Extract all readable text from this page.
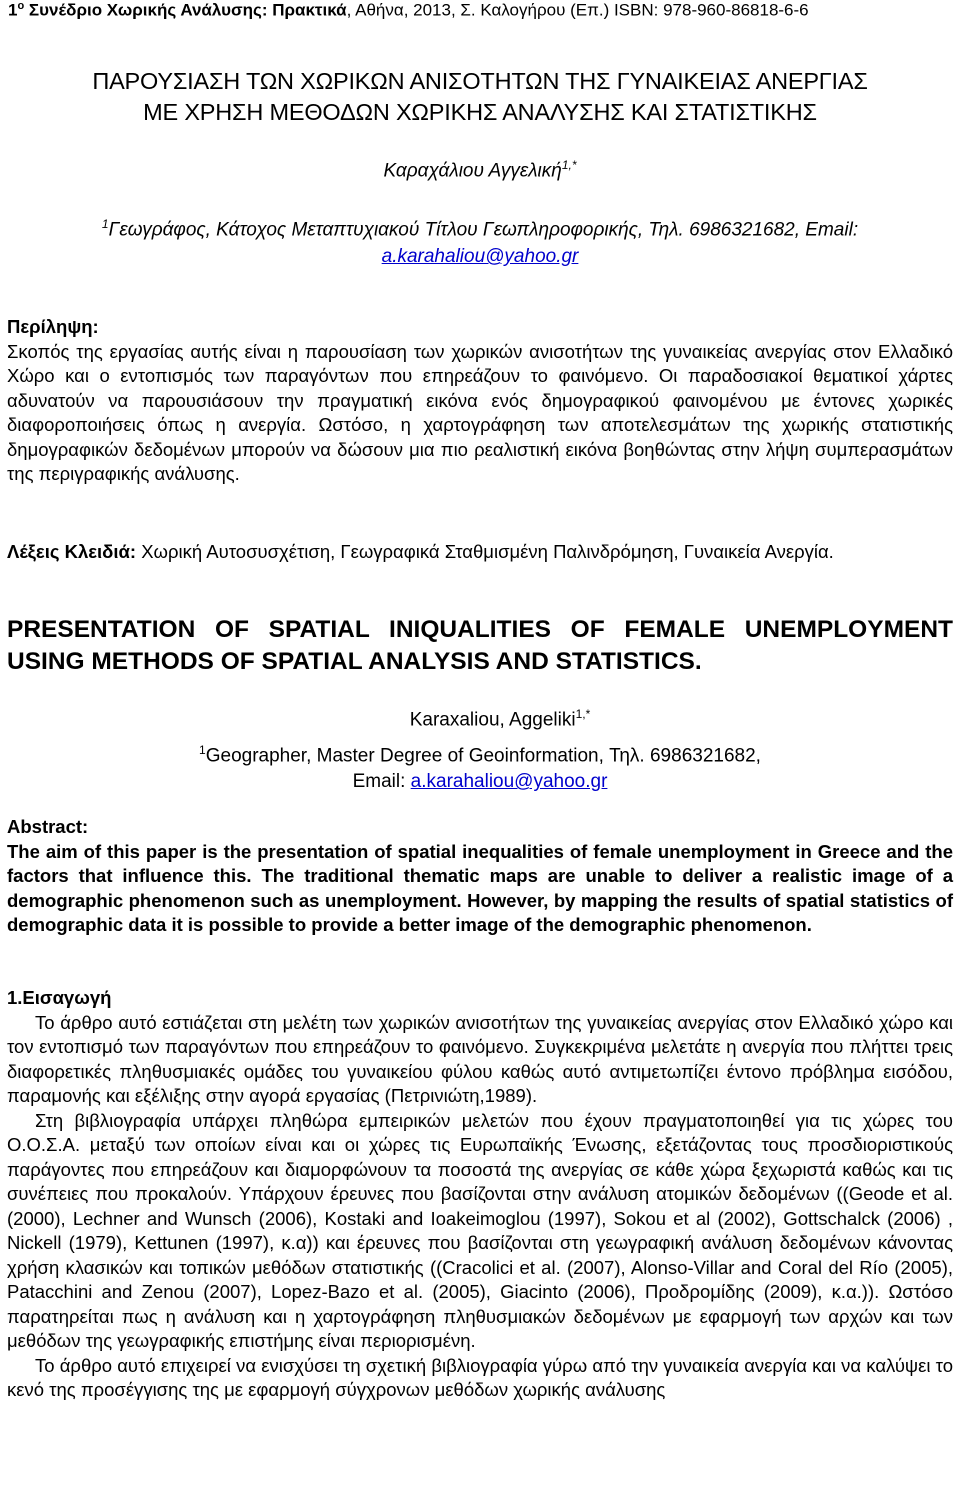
$1^o$ Συνέδριο Χωρικής Ανάλυσης: Πρακτικά, Αθήνα, 2013, Σ. Καλογήρου (Επ.) ISBN: 978-960-86818-6-6
ΠΑΡΟΥΣΙΑΣΗ ΤΩΝ ΧΩΡΙΚΩΝ ΑΝΙΣΟΤΗΤΩΝ ΤΗΣ ΓΥΝΑΙΚΕΙΑΣ ΑΝΕΡΓΙΑΣ
ΜΕ ΧΡΗΣΗ ΜΕΘΟΔΩΝ ΧΩΡΙΚΗΣ ΑΝΑΛΥΣΗΣ ΚΑΙ ΣΤΑΤΙΣΤΙΚΗΣ
Καραχάλιου Αγγελική$^{1,*}$
$^1$Γεωγράφος, Κάτοχος Μεταπτυχιακού Τίτλου Γεωπληροφορικής, Τηλ. 6986321682, Email:
a.karahaliou@yahoo.gr
Περίληψη:
Σκοπός της εργασίας αυτής είναι η παρουσίαση των χωρικών ανισοτήτων της γυναικείας ανεργίας στον Ελλαδικό Χώρο και ο εντοπισμός των παραγόντων που επηρεάζουν το φαινόμενο. Οι παραδοσιακοί θεματικοί χάρτες αδυνατούν να παρουσιάσουν την πραγματική εικόνα ενός δημογραφικού φαινομένου με έντονες χωρικές διαφοροποιήσεις όπως η ανεργία. Ωστόσο, η χαρτογράφηση των αποτελεσμάτων της χωρικής στατιστικής δημογραφικών δεδομένων μπορούν να δώσουν μια πιο ρεαλιστική εικόνα βοηθώντας στην λήψη συμπερασμάτων της περιγραφικής ανάλυσης.
Λέξεις Κλειδιά: Χωρική Αυτοσυσχέτιση, Γεωγραφικά Σταθμισμένη Παλινδρόμηση, Γυναικεία Ανεργία.
PRESENTATION OF SPATIAL INIQUALITIES OF FEMALE UNEMPLOYMENT USING METHODS OF SPATIAL ANALYSIS AND STATISTICS.
Karaxaliou, Aggeliki$^{1,*}$
$^1$Geographer, Master Degree of Geoinformation, Τηλ. 6986321682,
Email: a.karahaliou@yahoo.gr
Abstract:
The aim of this paper is the presentation of spatial inequalities of female unemployment in Greece and the factors that influence this. The traditional thematic maps are unable to deliver a realistic image of a demographic phenomenon such as unemployment. However, by mapping the results of spatial statistics of demographic data it is possible to provide a better image of the demographic phenomenon.
1.Εισαγωγή
Το άρθρο αυτό εστιάζεται στη μελέτη των χωρικών ανισοτήτων της γυναικείας ανεργίας στον Ελλαδικό χώρο και τον εντοπισμό των παραγόντων που επηρεάζουν το φαινόμενο. Συγκεκριμένα μελετάτε η ανεργία που πλήττει τρεις διαφορετικές πληθυσμιακές ομάδες του γυναικείου φύλου καθώς αυτό αντιμετωπίζει έντονο πρόβλημα εισόδου, παραμονής και εξέλιξης στην αγορά εργασίας (Πετρινιώτη,1989).
Στη βιβλιογραφία υπάρχει πληθώρα εμπειρικών μελετών που έχουν πραγματοποιηθεί για τις χώρες του Ο.Ο.Σ.Α. μεταξύ των οποίων είναι και οι χώρες τις Ευρωπαϊκής Ένωσης, εξετάζοντας τους προσδιοριστικούς παράγοντες που επηρεάζουν και διαμορφώνουν τα ποσοστά της ανεργίας σε κάθε χώρα ξεχωριστά καθώς και τις συνέπειες που προκαλούν. Υπάρχουν έρευνες που βασίζονται στην ανάλυση ατομικών δεδομένων ((Geode et al. (2000), Lechner and Wunsch (2006), Kostaki and Ioakeimoglou (1997), Sokou et al (2002), Gottschalck (2006) , Nickell (1979), Kettunen (1997), κ.α)) και έρευνες που βασίζονται στη γεωγραφική ανάλυση δεδομένων κάνοντας χρήση κλασικών και τοπικών μεθόδων στατιστικής ((Cracolici et al. (2007), Alonso-Villar and Coral del Río (2005), Patacchini and Zenou (2007), Lopez-Bazo et al. (2005), Giacinto (2006), Προδρομίδης (2009), κ.α.)). Ωστόσο παρατηρείται πως η ανάλυση και η χαρτογράφηση πληθυσμιακών δεδομένων με εφαρμογή των αρχών και των μεθόδων της γεωγραφικής επιστήμης είναι περιορισμένη.
Το άρθρο αυτό επιχειρεί να ενισχύσει τη σχετική βιβλιογραφία γύρω από την γυναικεία ανεργία και να καλύψει το κενό της προσέγγισης της με εφαρμογή σύγχρονων μεθόδων χωρικής ανάλυσης
